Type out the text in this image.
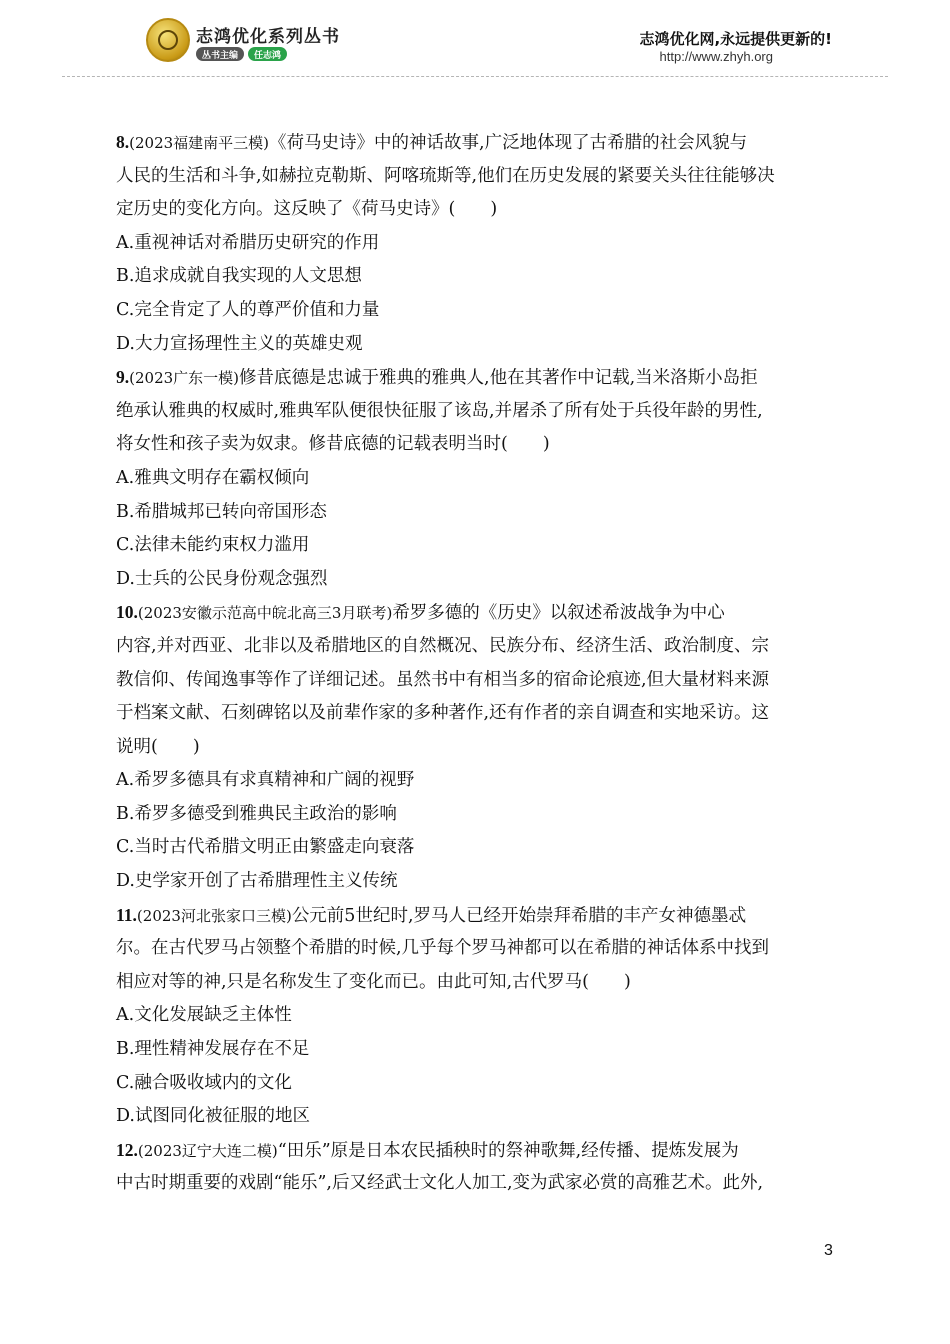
志鸿优化系列丛书
丛书主编	任志鸿
志鸿优化网,永远提供更新的!
http://www.zhyh.org
8.(2023福建南平三模)《荷马史诗》中的神话故事,广泛地体现了古希腊的社会风貌与
人民的生活和斗争,如赫拉克勒斯、阿喀琉斯等,他们在历史发展的紧要关头往往能够决
定历史的变化方向。这反映了《荷马史诗》(　　)
A.重视神话对希腊历史研究的作用
B.追求成就自我实现的人文思想
C.完全肯定了人的尊严价值和力量
D.大力宣扬理性主义的英雄史观
9.(2023广东一模)修昔底德是忠诚于雅典的雅典人,他在其著作中记载,当米洛斯小岛拒
绝承认雅典的权威时,雅典军队便很快征服了该岛,并屠杀了所有处于兵役年龄的男性,
将女性和孩子卖为奴隶。修昔底德的记载表明当时(　　)
A.雅典文明存在霸权倾向
B.希腊城邦已转向帝国形态
C.法律未能约束权力滥用
D.士兵的公民身份观念强烈
10.(2023安徽示范高中皖北高三3月联考)希罗多德的《历史》以叙述希波战争为中心
内容,并对西亚、北非以及希腊地区的自然概况、民族分布、经济生活、政治制度、宗
教信仰、传闻逸事等作了详细记述。虽然书中有相当多的宿命论痕迹,但大量材料来源
于档案文献、石刻碑铭以及前辈作家的多种著作,还有作者的亲自调查和实地采访。这
说明(　　)
A.希罗多德具有求真精神和广阔的视野
B.希罗多德受到雅典民主政治的影响
C.当时古代希腊文明正由繁盛走向衰落
D.史学家开创了古希腊理性主义传统
11.(2023河北张家口三模)公元前5世纪时,罗马人已经开始崇拜希腊的丰产女神德墨忒
尔。在古代罗马占领整个希腊的时候,几乎每个罗马神都可以在希腊的神话体系中找到
相应对等的神,只是名称发生了变化而已。由此可知,古代罗马(　　)
A.文化发展缺乏主体性
B.理性精神发展存在不足
C.融合吸收域内的文化
D.试图同化被征服的地区
12.(2023辽宁大连二模)“田乐”原是日本农民插秧时的祭神歌舞,经传播、提炼发展为
中古时期重要的戏剧“能乐”,后又经武士文化人加工,变为武家必赏的高雅艺术。此外,
3
